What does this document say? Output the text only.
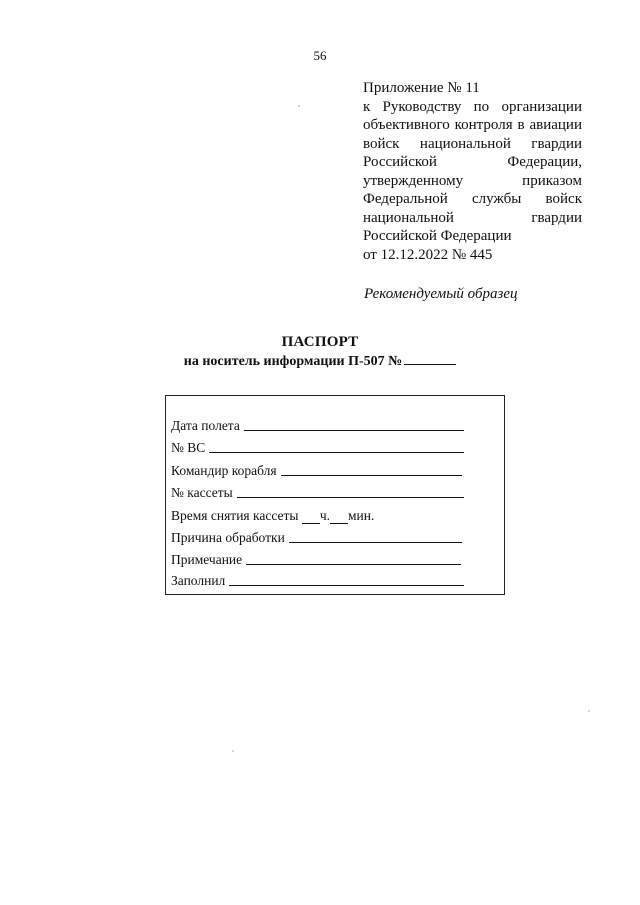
56
Приложение № 11
к Руководству по организации
объективного контроля в авиации
войск национальной гвардии
Российской Федерации,
утвержденному приказом
Федеральной службы войск
национальной гвардии
Российской Федерации
от 12.12.2022 № 445
Рекомендуемый образец
ПАСПОРТ
на носитель информации П-507 №
Дата полета
№ ВС
Командир корабля
№ кассеты
Время снятия кассеты
ч. мин.
Причина обработки
Примечание
Заполнил
